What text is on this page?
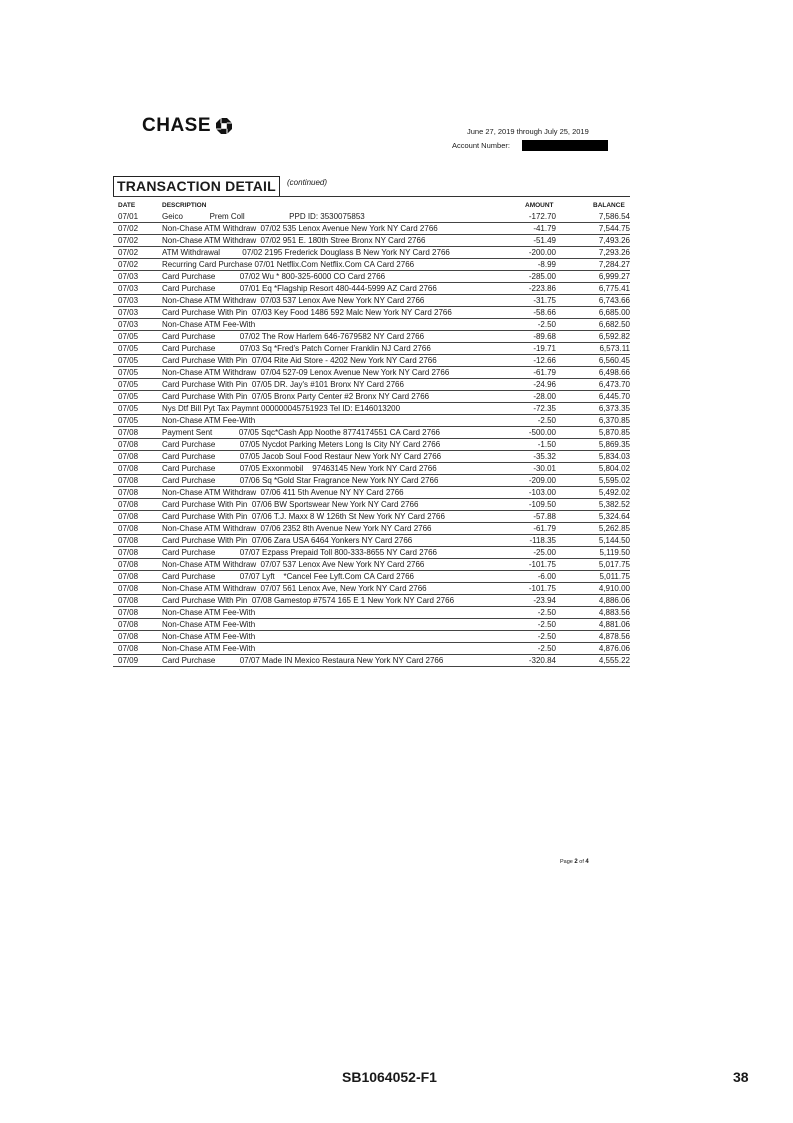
CHASE	June 27, 2019 through July 25, 2019
Account Number:
TRANSACTION DETAIL	(continued)
DATE	DESCRIPTION	AMOUNT	BALANCE
07/01	Geico            Prem Coll                    PPD ID: 3530075853	-172.70	7,586.54
07/02	Non-Chase ATM Withdraw  07/02 535 Lenox Avenue New York NY Card 2766	-41.79	7,544.75
07/02	Non-Chase ATM Withdraw  07/02 951 E. 180th Stree Bronx NY Card 2766	-51.49	7,493.26
07/02	ATM Withdrawal          07/02 2195 Frederick Douglass B New York NY Card 2766	-200.00	7,293.26
07/02	Recurring Card Purchase 07/01 Netflix.Com Netflix.Com CA Card 2766	-8.99	7,284.27
07/03	Card Purchase           07/02 Wu * 800-325-6000 CO Card 2766	-285.00	6,999.27
07/03	Card Purchase           07/01 Eq *Flagship Resort 480-444-5999 AZ Card 2766	-223.86	6,775.41
07/03	Non-Chase ATM Withdraw  07/03 537 Lenox Ave New York NY Card 2766	-31.75	6,743.66
07/03	Card Purchase With Pin  07/03 Key Food 1486 592 Malc New York NY Card 2766	-58.66	6,685.00
07/03	Non-Chase ATM Fee-With	-2.50	6,682.50
07/05	Card Purchase           07/02 The Row Harlem 646-7679582 NY Card 2766	-89.68	6,592.82
07/05	Card Purchase           07/03 Sq *Fred's Patch Corner Franklin NJ Card 2766	-19.71	6,573.11
07/05	Card Purchase With Pin  07/04 Rite Aid Store - 4202 New York NY Card 2766	-12.66	6,560.45
07/05	Non-Chase ATM Withdraw  07/04 527-09 Lenox Avenue New York NY Card 2766	-61.79	6,498.66
07/05	Card Purchase With Pin  07/05 DR. Jay's #101 Bronx NY Card 2766	-24.96	6,473.70
07/05	Card Purchase With Pin  07/05 Bronx Party Center #2 Bronx NY Card 2766	-28.00	6,445.70
07/05	Nys Dtf Bill Pyt Tax Paymnt 000000045751923 Tel ID: E146013200	-72.35	6,373.35
07/05	Non-Chase ATM Fee-With	-2.50	6,370.85
07/08	Payment Sent            07/05 Sqc*Cash App Noothe 8774174551 CA Card 2766	-500.00	5,870.85
07/08	Card Purchase           07/05 Nycdot Parking Meters Long Is City NY Card 2766	-1.50	5,869.35
07/08	Card Purchase           07/05 Jacob Soul Food Restaur New York NY Card 2766	-35.32	5,834.03
07/08	Card Purchase           07/05 Exxonmobil    97463145 New York NY Card 2766	-30.01	5,804.02
07/08	Card Purchase           07/06 Sq *Gold Star Fragrance New York NY Card 2766	-209.00	5,595.02
07/08	Non-Chase ATM Withdraw  07/06 411 5th Avenue NY NY Card 2766	-103.00	5,492.02
07/08	Card Purchase With Pin  07/06 BW Sportswear New York NY Card 2766	-109.50	5,382.52
07/08	Card Purchase With Pin  07/06 T.J. Maxx 8 W 126th St New York NY Card 2766	-57.88	5,324.64
07/08	Non-Chase ATM Withdraw  07/06 2352 8th Avenue New York NY Card 2766	-61.79	5,262.85
07/08	Card Purchase With Pin  07/06 Zara USA 6464 Yonkers NY Card 2766	-118.35	5,144.50
07/08	Card Purchase           07/07 Ezpass Prepaid Toll 800-333-8655 NY Card 2766	-25.00	5,119.50
07/08	Non-Chase ATM Withdraw  07/07 537 Lenox Ave New York NY Card 2766	-101.75	5,017.75
07/08	Card Purchase           07/07 Lyft    *Cancel Fee Lyft.Com CA Card 2766	-6.00	5,011.75
07/08	Non-Chase ATM Withdraw  07/07 561 Lenox Ave, New York NY Card 2766	-101.75	4,910.00
07/08	Card Purchase With Pin  07/08 Gamestop #7574 165 E 1 New York NY Card 2766	-23.94	4,886.06
07/08	Non-Chase ATM Fee-With	-2.50	4,883.56
07/08	Non-Chase ATM Fee-With	-2.50	4,881.06
07/08	Non-Chase ATM Fee-With	-2.50	4,878.56
07/08	Non-Chase ATM Fee-With	-2.50	4,876.06
07/09	Card Purchase           07/07 Made IN Mexico Restaura New York NY Card 2766	-320.84	4,555.22
Page 2 of 4
SB1064052-F1	38
